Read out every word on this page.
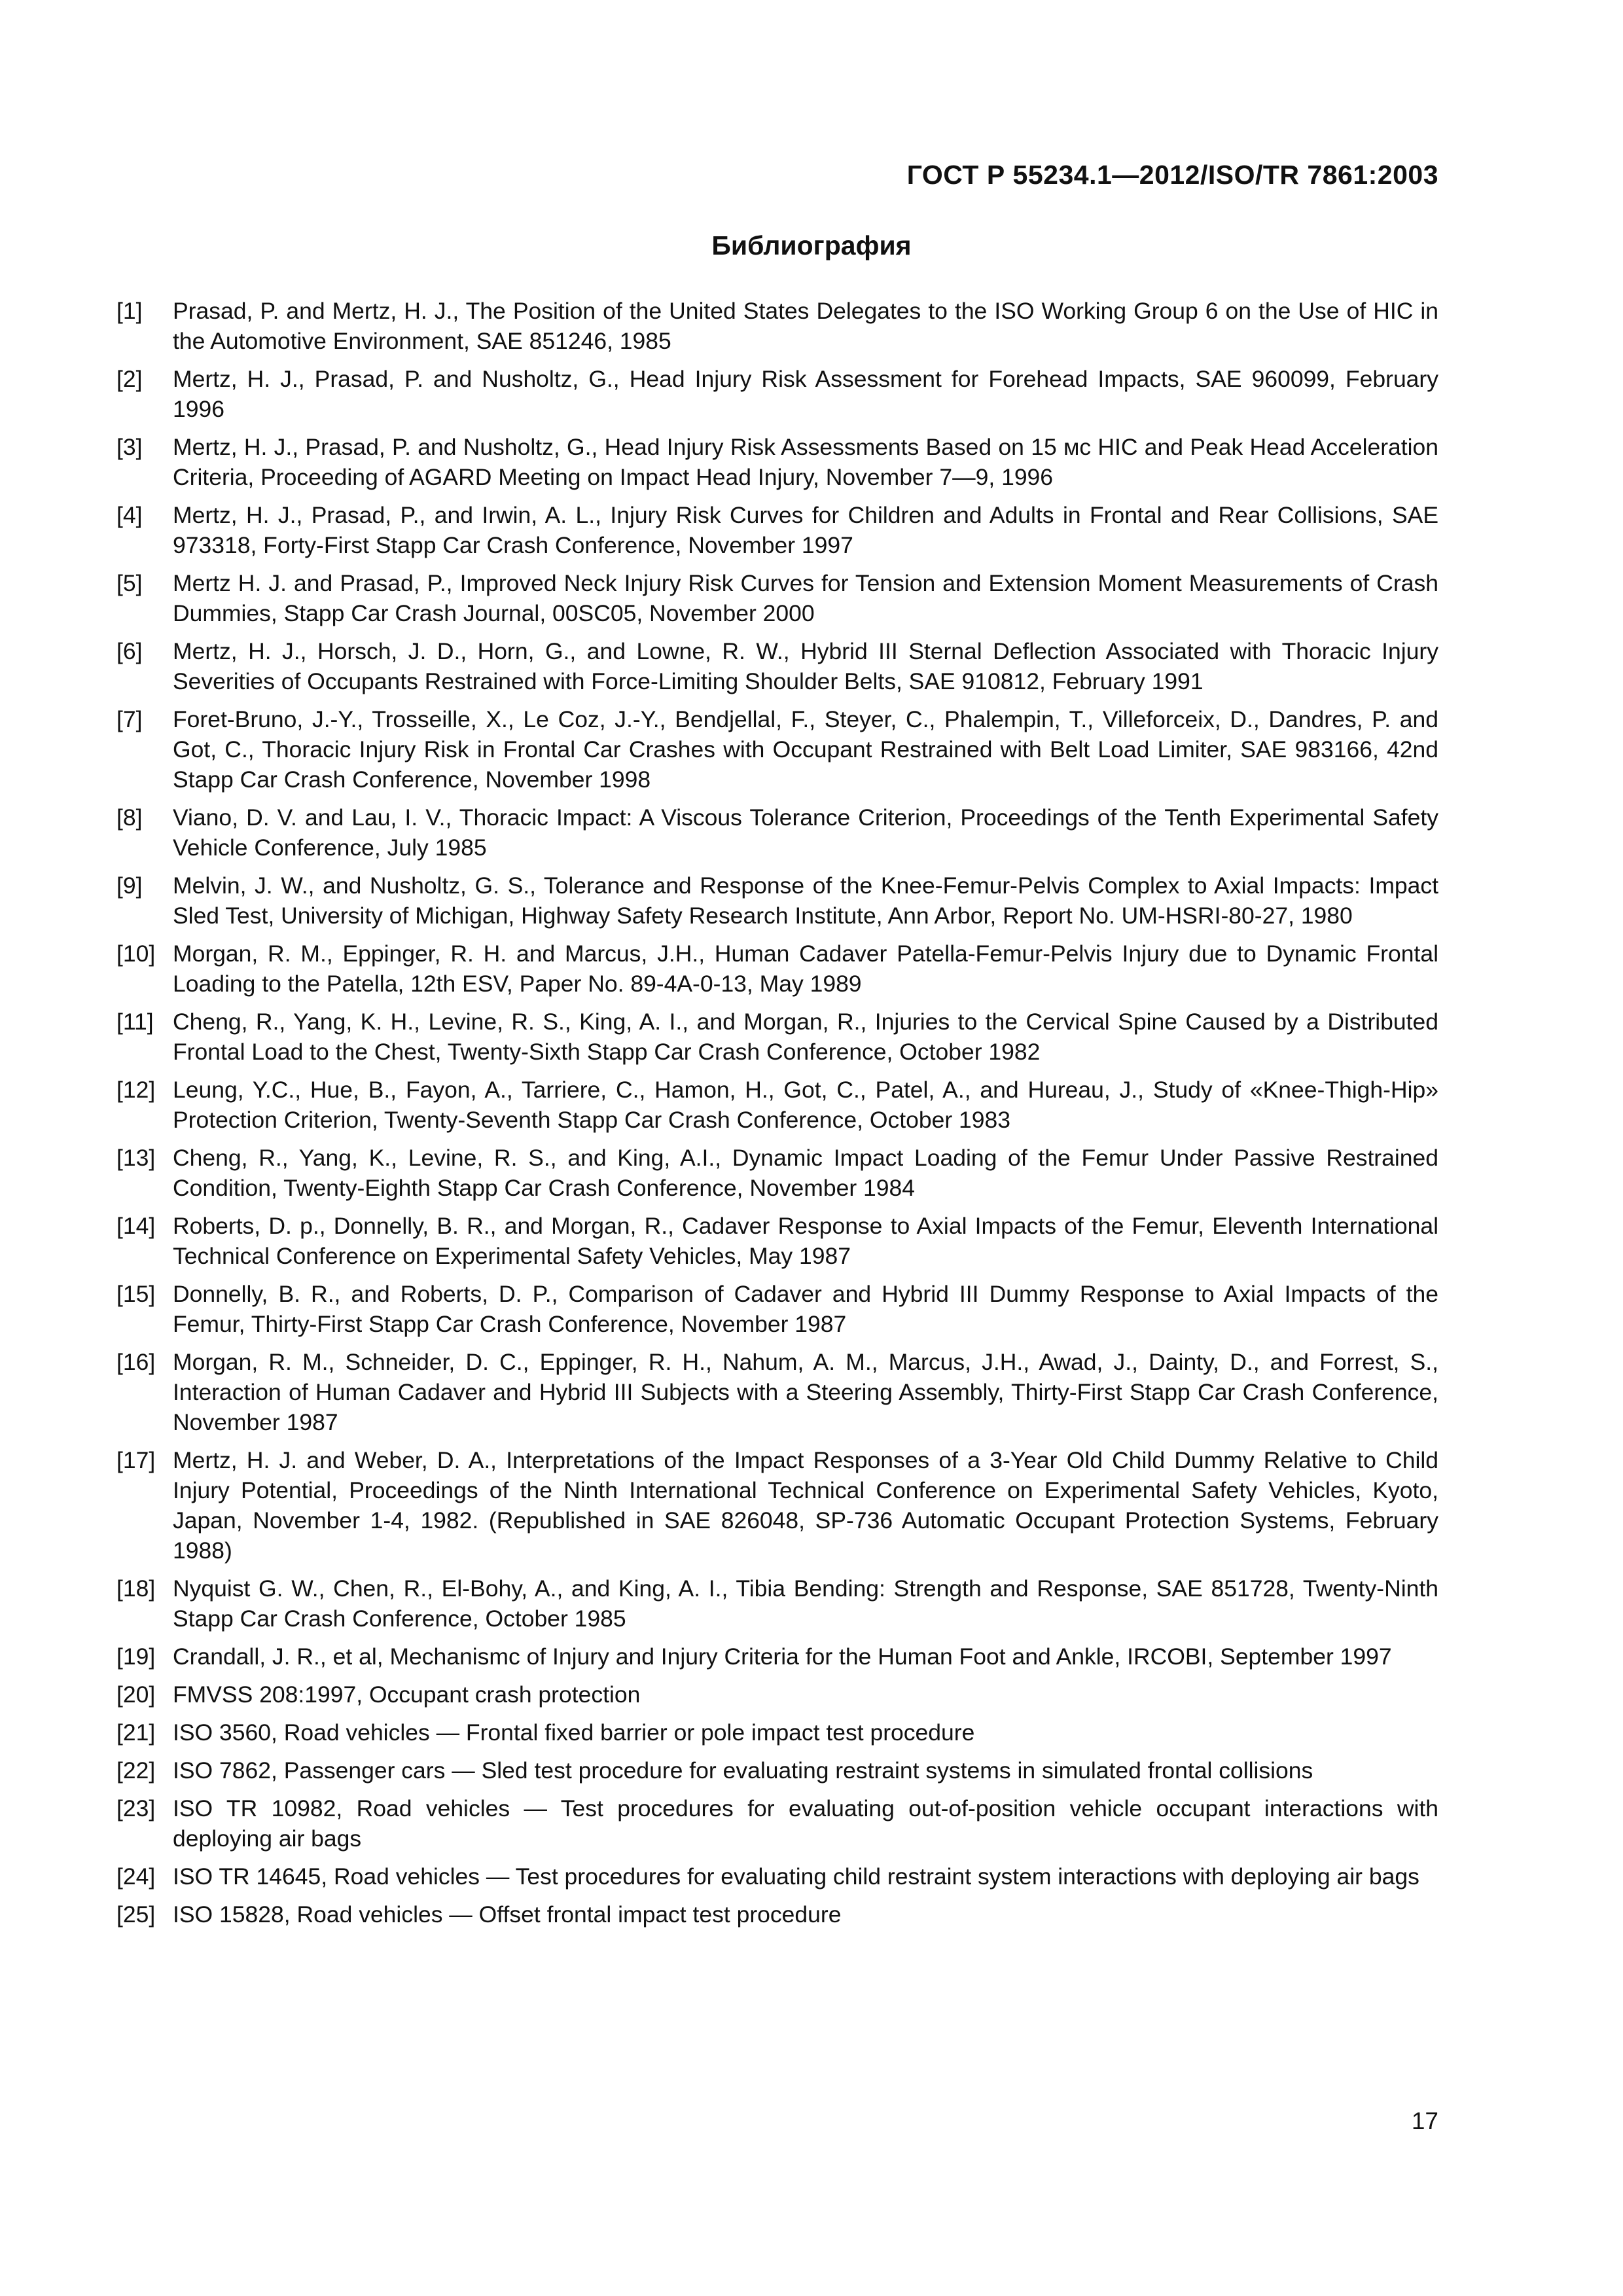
ГОСТ Р 55234.1—2012/ISO/TR 7861:2003
Библиография
[1] Prasad, P. and Mertz, H. J., The Position of the United States Delegates to the ISO Working Group 6 on the Use of HIC in the Automotive Environment, SAE 851246, 1985
[2] Mertz, H. J., Prasad, P. and Nusholtz, G., Head Injury Risk Assessment for Forehead Impacts, SAE 960099, February 1996
[3] Mertz, H. J., Prasad, P. and Nusholtz, G., Head Injury Risk Assessments Based on 15 мс HIC and Peak Head Acceleration Criteria, Proceeding of AGARD Meeting on Impact Head Injury, November 7—9, 1996
[4] Mertz, H. J., Prasad, P., and Irwin, A. L., Injury Risk Curves for Children and Adults in Frontal and Rear Collisions, SAE 973318, Forty-First Stapp Car Crash Conference, November 1997
[5] Mertz H. J. and Prasad, P., Improved Neck Injury Risk Curves for Tension and Extension Moment Measurements of Crash Dummies, Stapp Car Crash Journal, 00SC05, November 2000
[6] Mertz, H. J., Horsch, J. D., Horn, G., and Lowne, R. W., Hybrid III Sternal Deflection Associated with Thoracic Injury Severities of Occupants Restrained with Force-Limiting Shoulder Belts, SAE 910812, February 1991
[7] Foret-Bruno, J.-Y., Trosseille, X., Le Coz, J.-Y., Bendjellal, F., Steyer, C., Phalempin, T., Villeforceix, D., Dandres, P. and Got, C., Thoracic Injury Risk in Frontal Car Crashes with Occupant Restrained with Belt Load Limiter, SAE 983166, 42nd Stapp Car Crash Conference, November 1998
[8] Viano, D. V. and Lau, I. V., Thoracic Impact: A Viscous Tolerance Criterion, Proceedings of the Tenth Experimental Safety Vehicle Conference, July 1985
[9] Melvin, J. W., and Nusholtz, G. S., Tolerance and Response of the Knee-Femur-Pelvis Complex to Axial Impacts: Impact Sled Test, University of Michigan, Highway Safety Research Institute, Ann Arbor, Report No. UM-HSRI-80-27, 1980
[10] Morgan, R. M., Eppinger, R. H. and Marcus, J.H., Human Cadaver Patella-Femur-Pelvis Injury due to Dynamic Frontal Loading to the Patella, 12th ESV, Paper No. 89-4A-0-13, May 1989
[11] Cheng, R., Yang, K. H., Levine, R. S., King, A. I., and Morgan, R., Injuries to the Cervical Spine Caused by a Distributed Frontal Load to the Chest, Twenty-Sixth Stapp Car Crash Conference, October 1982
[12] Leung, Y.C., Hue, B., Fayon, A., Tarriere, C., Hamon, H., Got, C., Patel, A., and Hureau, J., Study of «Knee-Thigh-Hip» Protection Criterion, Twenty-Seventh Stapp Car Crash Conference, October 1983
[13] Cheng, R., Yang, K., Levine, R. S., and King, A.I., Dynamic Impact Loading of the Femur Under Passive Restrained Condition, Twenty-Eighth Stapp Car Crash Conference, November 1984
[14] Roberts, D. p., Donnelly, B. R., and Morgan, R., Cadaver Response to Axial Impacts of the Femur, Eleventh International Technical Conference on Experimental Safety Vehicles, May 1987
[15] Donnelly, B. R., and Roberts, D. P., Comparison of Cadaver and Hybrid III Dummy Response to Axial Impacts of the Femur, Thirty-First Stapp Car Crash Conference, November 1987
[16] Morgan, R. M., Schneider, D. C., Eppinger, R. H., Nahum, A. M., Marcus, J.H., Awad, J., Dainty, D., and Forrest, S., Interaction of Human Cadaver and Hybrid III Subjects with a Steering Assembly, Thirty-First Stapp Car Crash Conference, November 1987
[17] Mertz, H. J. and Weber, D. A., Interpretations of the Impact Responses of a 3-Year Old Child Dummy Relative to Child Injury Potential, Proceedings of the Ninth International Technical Conference on Experimental Safety Vehicles, Kyoto, Japan, November 1-4, 1982. (Republished in SAE 826048, SP-736 Automatic Occupant Protection Systems, February 1988)
[18] Nyquist G. W., Chen, R., El-Bohy, A., and King, A. I., Tibia Bending: Strength and Response, SAE 851728, Twenty-Ninth Stapp Car Crash Conference, October 1985
[19] Crandall, J. R., et al, Mechanismс of Injury and Injury Criteria for the Human Foot and Ankle, IRCOBI, September 1997
[20] FMVSS 208:1997, Occupant crash protection
[21] ISO 3560, Road vehicles — Frontal fixed barrier or pole impact test procedure
[22] ISO 7862, Passenger cars — Sled test procedure for evaluating restraint systems in simulated frontal collisions
[23] ISO TR 10982, Road vehicles — Test procedures for evaluating out-of-position vehicle occupant interactions with deploying air bags
[24] ISO TR 14645, Road vehicles — Test procedures for evaluating child restraint system interactions with deploying air bags
[25] ISO 15828, Road vehicles — Offset frontal impact test procedure
17
